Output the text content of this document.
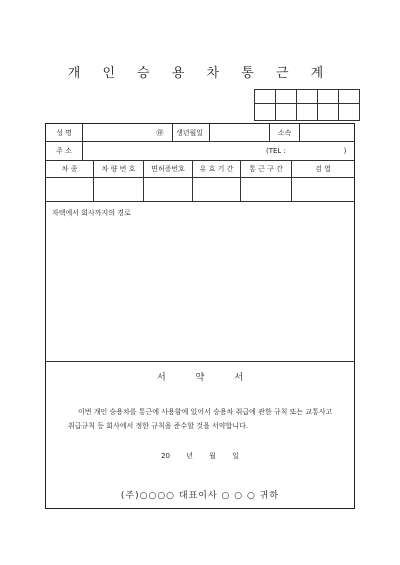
개 인 승 용 차 통 근 계

성 명	㊞	생년월일	소속
주 소	(TEL :	)
차 종	차 량 번 호	면허증번호	유 효 기 간	통 근 구 간	검 열
자택에서 회사까지의 경로
서약서
이번 개인 승용차를 통근에 사용함에 있어서 승용차 취급에 관한 규칙 또는 교통사고 취급규칙 등 회사에서 정한 규칙을 준수할 것을 서약합니다.
20 년 월 일
(주)○○○○ 대표이사 ○ ○ ○ 귀하
